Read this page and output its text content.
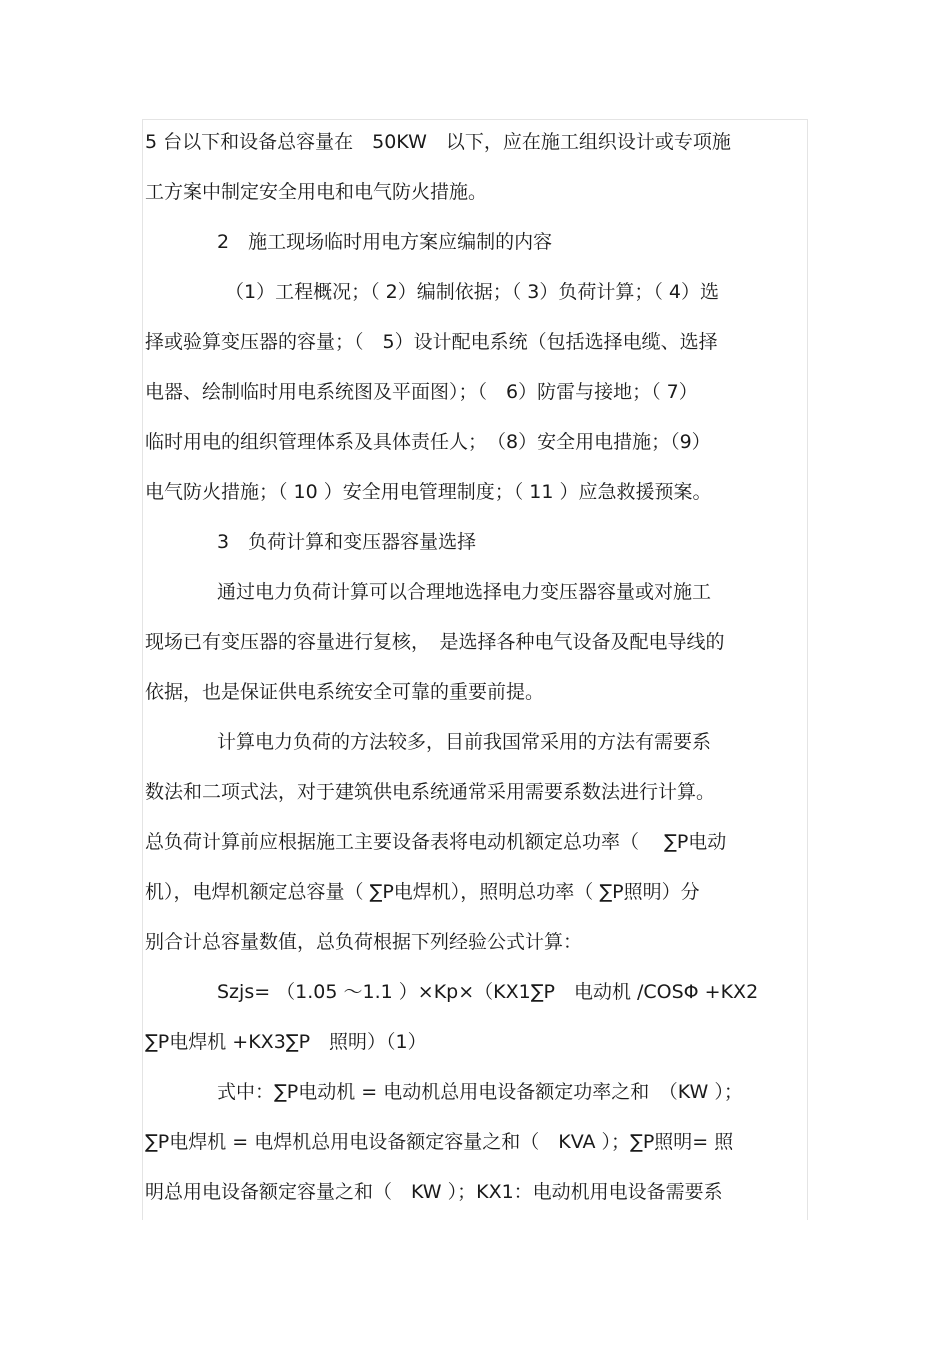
5 台以下和设备总容量在　50KW　以下，应在施工组织设计或专项施
工方案中制定安全用电和电气防火措施。
2　施工现场临时用电方案应编制的内容
（1）工程概况；（ 2）编制依据；（ 3）负荷计算；（ 4）选
择或验算变压器的容量；（　5）设计配电系统（包括选择电缆、选择
电器、绘制临时用电系统图及平面图）；（　6）防雷与接地；（ 7）
临时用电的组织管理体系及具体责任人；　（8）安全用电措施；（9）
电气防火措施；（ 10 ）安全用电管理制度；（ 11 ）应急救援预案。
3　负荷计算和变压器容量选择
通过电力负荷计算可以合理地选择电力变压器容量或对施工
现场已有变压器的容量进行复核，　是选择各种电气设备及配电导线的
依据，也是保证供电系统安全可靠的重要前提。
计算电力负荷的方法较多，目前我国常采用的方法有需要系
数法和二项式法，对于建筑供电系统通常采用需要系数法进行计算。
总负荷计算前应根据施工主要设备表将电动机额定总功率（　 ∑P电动
机），电焊机额定总容量（ ∑P电焊机），照明总功率（ ∑P照明）分
别合计总容量数值，总负荷根据下列经验公式计算：
Szjs= （1.05 ～1.1 ）×Kp×（KX1∑P　电动机 /COSΦ +KX2
∑P电焊机 +KX3∑P　照明）（1）
式中：∑P电动机 = 电动机总用电设备额定功率之和　（KW ）；
∑P电焊机 = 电焊机总用电设备额定容量之和（　KVA ）；∑P照明= 照
明总用电设备额定容量之和（　KW ）；KX1：电动机用电设备需要系
